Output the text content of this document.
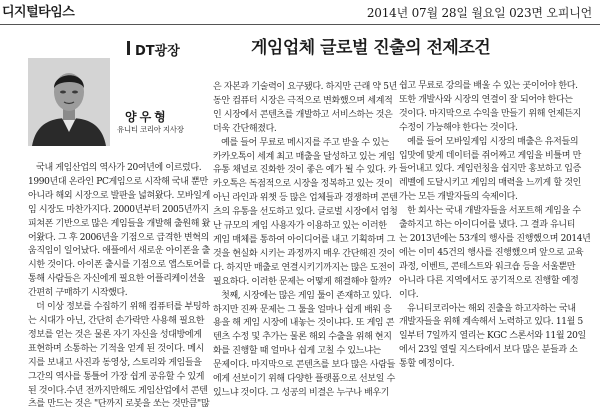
디지털타임스	2014년 07월 28일 월요일 023면 오피니언
DT광장
양우형
유니티 코리아 지사장
게임업체 글로벌 진출의 전제조건
국내 게임산업의 역사가 20여년에 이르렀다.
1990년대 온라인 PC게임으로 시작해 국내 뿐만
아니라 해외 시장으로 발판을 넓혀왔다. 모바일게
임 시장도 마찬가지다. 2000년부터 2005년까지
피쳐폰 기반으로 많은 게임들을 개발해 출원해 왔
어왔다. 그 후 2006년을 기점으로 급격한 변혁의
움직임이 일어났다. 애플에서 새로운 아이폰을 출
시한 것이다. 아이폰 출시를 기점으로 앱스토어를
통해 사람들은 자신에게 필요한 어플리케이션을
간편히 구매하기 시작했다.
더 이상 정보를 수집하기 위해 컴퓨터를 부팅하
는 시대가 아닌, 간단히 손가락만 사용해 필요한
정보를 얻는 것은 물론 자기 자신을 성대방에게
표현하며 소통하는 기적을 얻게 된 것이다. 메시
지를 보내고 사진과 동영상, 스토리와 게임들을
그간의 역사를 통틀어 가장 쉽게 공유할 수 있게
된 것이다.수년 전까지만해도 게임산업에서 콘텐
츠를 만드는 것은 "단까지 로봇을 쏘는 것만큼"많
은 자본과 기술력이 요구됐다. 하지만 근래 약 5년
동안 컴퓨터 시장은 극적으로 변화했으며 세계적
인 시장에서 콘텐츠를 개발하고 서비스하는 것은
더욱 간단해졌다.
예를 들어 무료로 메시지를 주고 받을 수 있는
카카오톡이 세계 최고 매출을 달성하고 있는 게임
유통 채널로 진화한 것이 좋은 예가 될 수 있다. 카
카오톡은 독점적으로 시장을 정복하고 있는 것이
아닌 라인과 위챗 등 많은 업체들과 경쟁하며 콘텐
츠의 유통을 선도하고 있다. 글로벌 시장에서 엄청
난 규모의 게임 사용자가 이용하고 있는 이러한
게임 매체를 통하여 아이디어를 내고 기획하며 그
것을 현실화 시키는 과정까지 매우 간단해진 것이
다. 하지만 매출로 연결시키기까지는 많은 도전이
필요하다. 이러한 문제는 어떻게 해결해야 할까?
첫째, 시장에는 많은 게임 툴이 존재하고 있다.
하지만 진짜 문제는 그 툴을 얼마나 쉽게 배워 응
용을 해 게임 시장에 내놓는 것이냐다. 또 게임 콘
텐츠 수정 및 추가는 물론 해외 수출을 위해 현지
화를 진행할 때 얼마나 쉽게 고칠 수 있느냐는
문제이다. 마지막으로 콘텐츠를 보다 많은 사람들
에게 선보이기 위해 다양한 플랫폼으로 선보일 수
있느냐 것이다. 그 성공의 비결은 누구나 배우기
쉽고 무료로 강의를 배울 수 있는 곳이어야 한다.
또한 개발사와 시장의 연결이 잘 되어야 한다는
것이다. 마지막으로 수익을 만들기 위해 언제든지
수정이 가능해야 한다는 것이다.
예를 들어 모바일게임 시장의 매출은 유저들의
입맛에 맞게 데이터를 쥐어짜고 게임을 비틀며 만
들어내고 있다. 게임런칭을 쉽지만 홍보하고 입증
레벨에 도달시키고 게임의 매력을 느끼게 할 것인
가는 모든 개발자들의 숙제이다.
한 회사는 국내 개발자들을 서포트해 게임을 수
출하지고 하는 아이디어를 냈다. 그 결과 유니티
는 2013년에는 53개의 행사를 진행했으며 2014년
에는 이미 45건의 행사를 진행했으며 앞으로 교육
과정, 이벤트, 콘테스트와 워크숍 등을 서울뿐만
아니라 다른 지역에서도 공기적으로 진행할 예정
이다.
유니티코리아는 해외 진출을 하고자하는 국내
개발자들을 위해 계속해서 노력하고 있다. 11월 5
일부터 7일까지 열리는 KGC 스론서와 11월 20일
에서 23일 열릴 지스타에서 보다 많은 분들과 소
통할 예정이다.
